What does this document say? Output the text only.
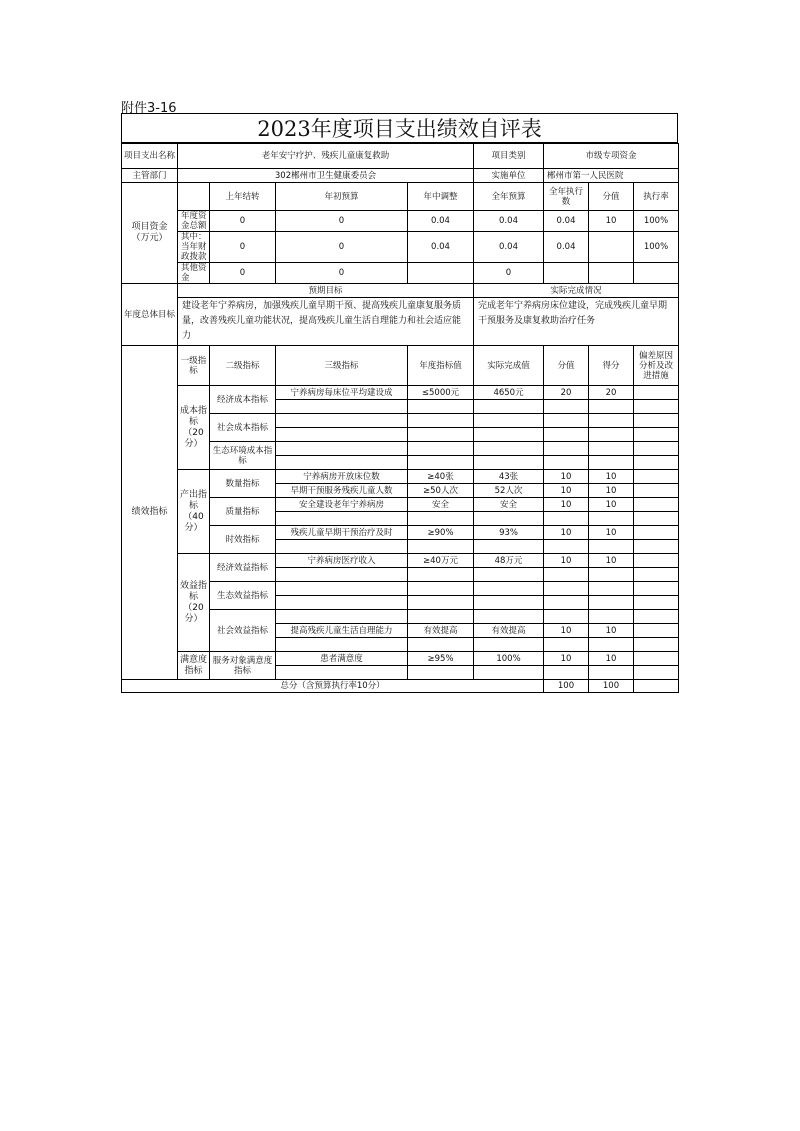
附件3-16
2023年度项目支出绩效自评表
项目支出名称	老年安宁疗护、残疾儿童康复救助				项目类别	市级专项资金			
主管部门	302郴州市卫生健康委员会				实施单位	郴州市第一人民医院			
项目资金（万元）		上年结转	年初预算	年中调整	全年预算	全年执行数	分值	执行率	
	年度资金总额	0	0	0.04	0.04	0.04	10	100%	
	其中：当年财政拨款	0	0	0.04	0.04	0.04		100%	
	其他资金	0	0		0				
年度总体目标	预期目标				实际完成情况				
	建设老年宁养病房，加强残疾儿童早期干预、提高残疾儿童康复服务质量，改善残疾儿童功能状况，提高残疾儿童生活自理能力和社会适应能力				完成老年宁养病房床位建设，完成残疾儿童早期干预服务及康复救助治疗任务				
绩效指标	一级指标	二级指标	三级指标	年度指标值	实际完成值	分值	得分	偏差原因分析及改进措施	
	成本指标（20分）	经济成本指标	宁养病房每床位平均建设成	≤5000元	4650元	20	20		

		社会成本指标							

		生态环境成本指标							

	产出指标（40分）	数量指标	宁养病房开放床位数	≥40张	43张	10	10		
			早期干预服务残疾儿童人数	≥50人次	52人次	10	10		
		质量指标	安全建设老年宁养病房	安全	安全	10	10		

		时效指标	残疾儿童早期干预治疗及时	≥90%	93%	10	10		

	效益指标（20分）	经济效益指标	宁养病房医疗收入	≥40万元	48万元	10	10		

		生态效益指标							

		社会效益指标							
			提高残疾儿童生活自理能力	有效提高	有效提高	10	10		

	满意度指标	服务对象满意度指标	患者满意度	≥95%	100%	10	10		

总分（含预算执行率10分）						100	100		
